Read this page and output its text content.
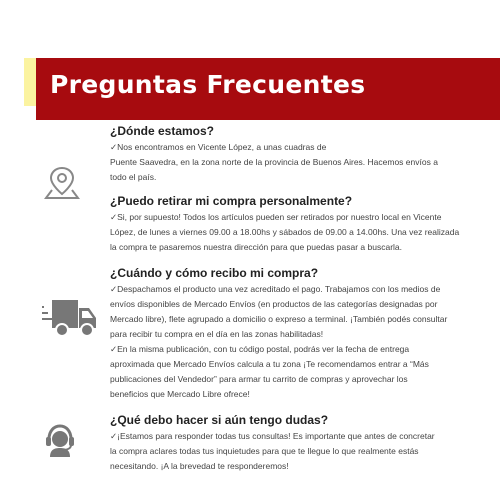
Preguntas Frecuentes

¿Dónde estamos?

✓Nos encontramos en Vicente López, a unas cuadras de

Puente Saavedra, en la zona norte de la provincia de Buenos Aires. Hacemos envíos a

todo el país.

¿Puedo retirar mi compra personalmente?

✓Si, por supuesto! Todos los artículos pueden ser retirados por nuestro local en Vicente

López, de lunes a viernes 09.00 a 18.00hs y sábados de 09.00 a 14.00hs. Una vez realizada

la compra te pasaremos nuestra dirección para que puedas pasar a buscarla.

¿Cuándo y cómo recibo mi compra?

✓Despachamos el producto una vez acreditado el pago. Trabajamos con los medios de

envíos disponibles de Mercado Envíos (en productos de las categorías designadas por

Mercado libre), flete agrupado a domicilio o expreso a terminal. ¡También podés consultar

para recibir tu compra en el día en las zonas habilitadas!

✓En la misma publicación, con tu código postal, podrás ver la fecha de entrega

aproximada que Mercado Envíos calcula a tu zona ¡Te recomendamos entrar a “Más

publicaciones del Vendedor” para armar tu carrito de compras y aprovechar los

beneficios que Mercado Libre ofrece!

¿Qué debo hacer si aún tengo dudas?

✓¡Estamos para responder todas tus consultas! Es importante que antes de concretar

la compra aclares todas tus inquietudes para que te llegue lo que realmente estás

necesitando. ¡A la brevedad te responderemos!
